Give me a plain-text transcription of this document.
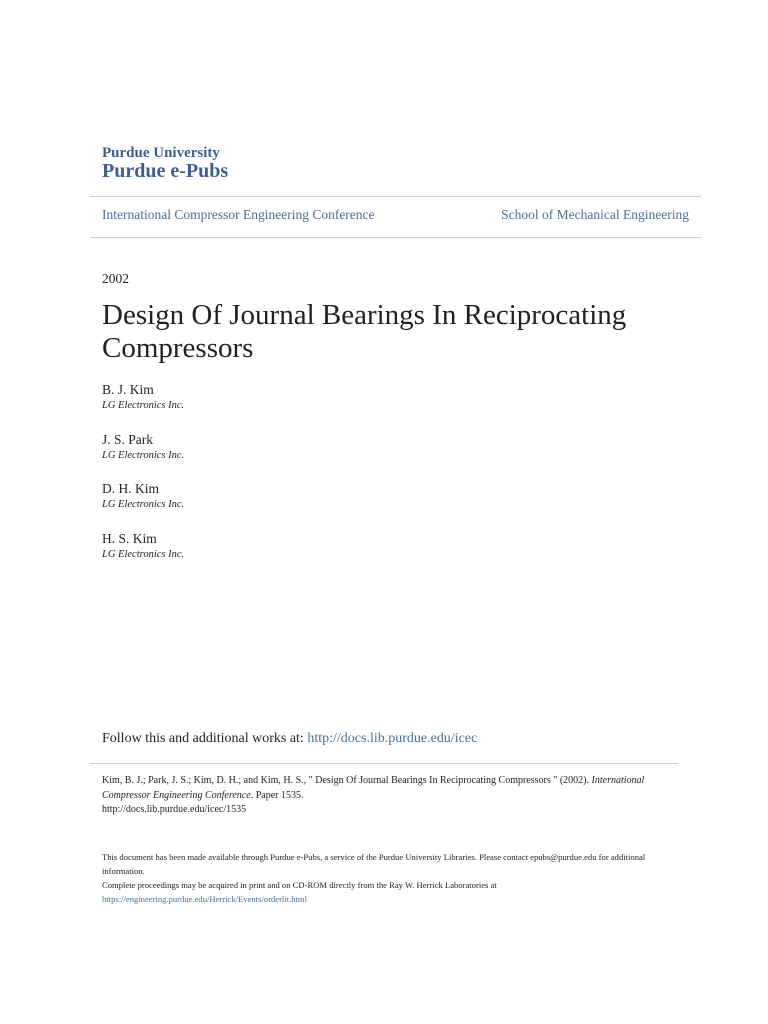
Purdue University
Purdue e-Pubs
International Compressor Engineering Conference	School of Mechanical Engineering
2002
Design Of Journal Bearings In Reciprocating Compressors
B. J. Kim
LG Electronics Inc.
J. S. Park
LG Electronics Inc.
D. H. Kim
LG Electronics Inc.
H. S. Kim
LG Electronics Inc.
Follow this and additional works at: http://docs.lib.purdue.edu/icec
Kim, B. J.; Park, J. S.; Kim, D. H.; and Kim, H. S., " Design Of Journal Bearings In Reciprocating Compressors " (2002). International Compressor Engineering Conference. Paper 1535.
http://docs.lib.purdue.edu/icec/1535
This document has been made available through Purdue e-Pubs, a service of the Purdue University Libraries. Please contact epubs@purdue.edu for additional information.
Complete proceedings may be acquired in print and on CD-ROM directly from the Ray W. Herrick Laboratories at https://engineering.purdue.edu/Herrick/Events/orderlit.html
